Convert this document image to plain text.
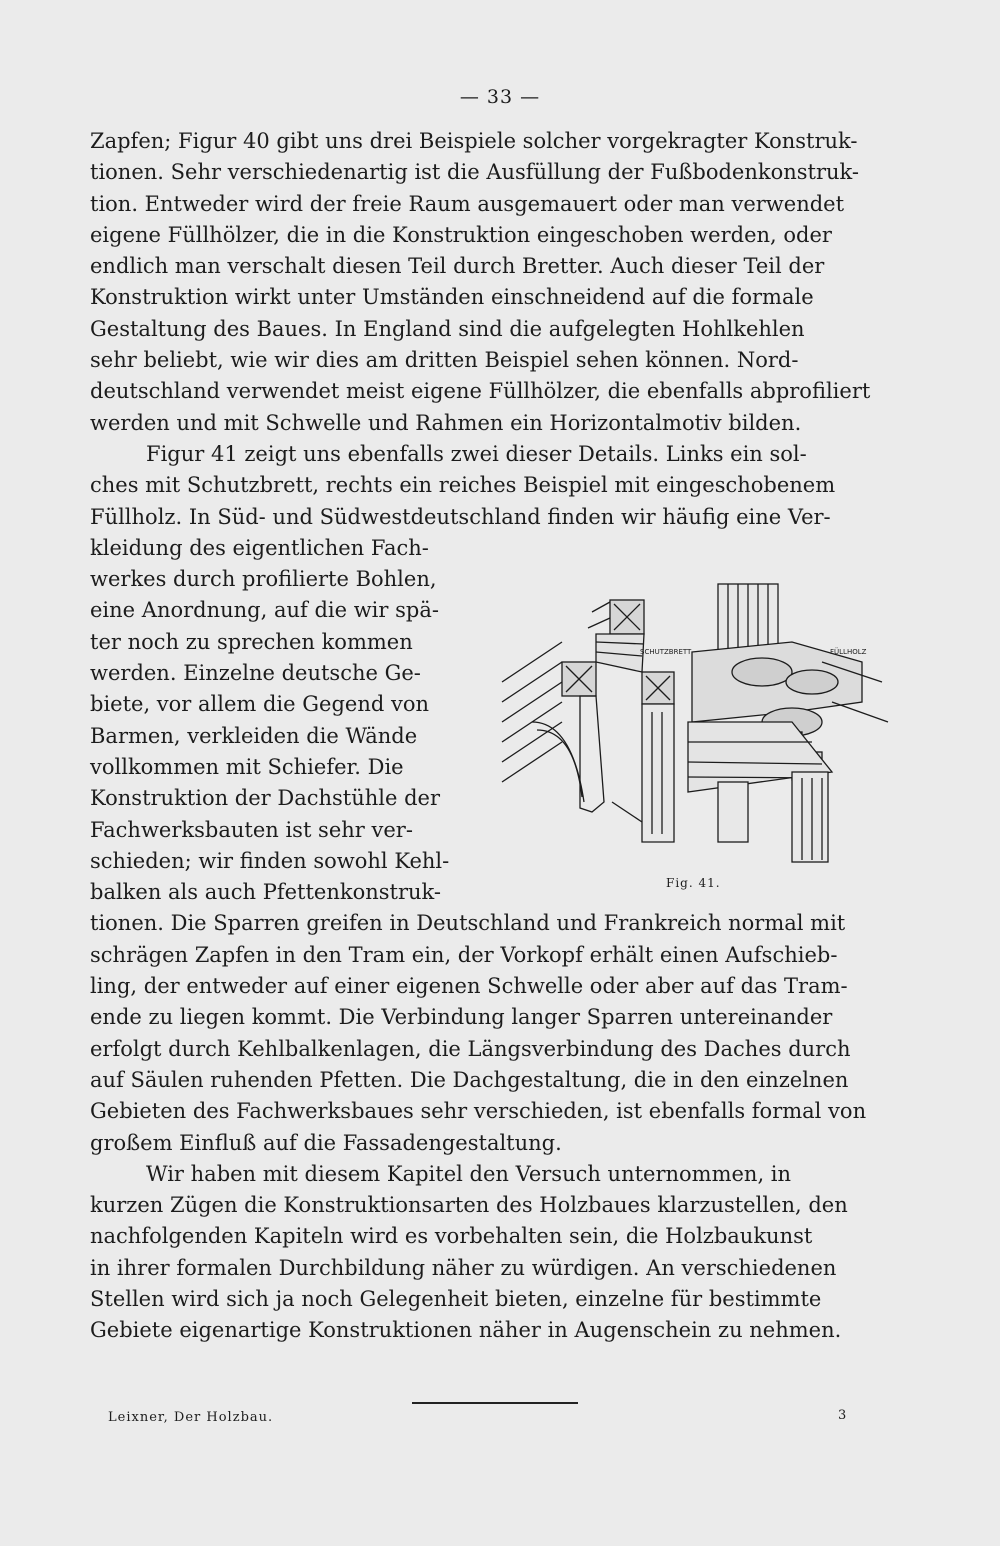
— 33 —
Zapfen; Figur 40 gibt uns drei Beispiele solcher vorgekragter Konstruk-
tionen. Sehr verschiedenartig ist die Ausfüllung der Fußbodenkonstruk-
tion. Entweder wird der freie Raum ausgemauert oder man verwendet
eigene Füllhölzer, die in die Konstruktion eingeschoben werden, oder
endlich man verschalt diesen Teil durch Bretter. Auch dieser Teil der
Konstruktion wirkt unter Umständen einschneidend auf die formale
Gestaltung des Baues. In England sind die aufgelegten Hohlkehlen
sehr beliebt, wie wir dies am dritten Beispiel sehen können. Nord-
deutschland verwendet meist eigene Füllhölzer, die ebenfalls abprofiliert
werden und mit Schwelle und Rahmen ein Horizontalmotiv bilden.
Figur 41 zeigt uns ebenfalls zwei dieser Details. Links ein sol-
ches mit Schutzbrett, rechts ein reiches Beispiel mit eingeschobenem
Füllholz. In Süd- und Südwestdeutschland finden wir häufig eine Ver-
kleidung des eigentlichen Fach-
werkes durch profilierte Bohlen,
eine Anordnung, auf die wir spä-
ter noch zu sprechen kommen
werden. Einzelne deutsche Ge-
biete, vor allem die Gegend von
Barmen, verkleiden die Wände
vollkommen mit Schiefer. Die
Konstruktion der Dachstühle der
Fachwerksbauten ist sehr ver-
schieden; wir finden sowohl Kehl-
balken als auch Pfettenkonstruk-
tionen. Die Sparren greifen in Deutschland und Frankreich normal mit
schrägen Zapfen in den Tram ein, der Vorkopf erhält einen Aufschieb-
ling, der entweder auf einer eigenen Schwelle oder aber auf das Tram-
ende zu liegen kommt. Die Verbindung langer Sparren untereinander
erfolgt durch Kehlbalkenlagen, die Längsverbindung des Daches durch
auf Säulen ruhenden Pfetten. Die Dachgestaltung, die in den einzelnen
Gebieten des Fachwerksbaues sehr verschieden, ist ebenfalls formal von
großem Einfluß auf die Fassadengestaltung.
Wir haben mit diesem Kapitel den Versuch unternommen, in
kurzen Zügen die Konstruktionsarten des Holzbaues klarzustellen, den
nachfolgenden Kapiteln wird es vorbehalten sein, die Holzbaukunst
in ihrer formalen Durchbildung näher zu würdigen. An verschiedenen
Stellen wird sich ja noch Gelegenheit bieten, einzelne für bestimmte
Gebiete eigenartige Konstruktionen näher in Augenschein zu nehmen.
SCHUTZBRETT	FÜLLHOLZ
Fig. 41.
Leixner, Der Holzbau.	3
